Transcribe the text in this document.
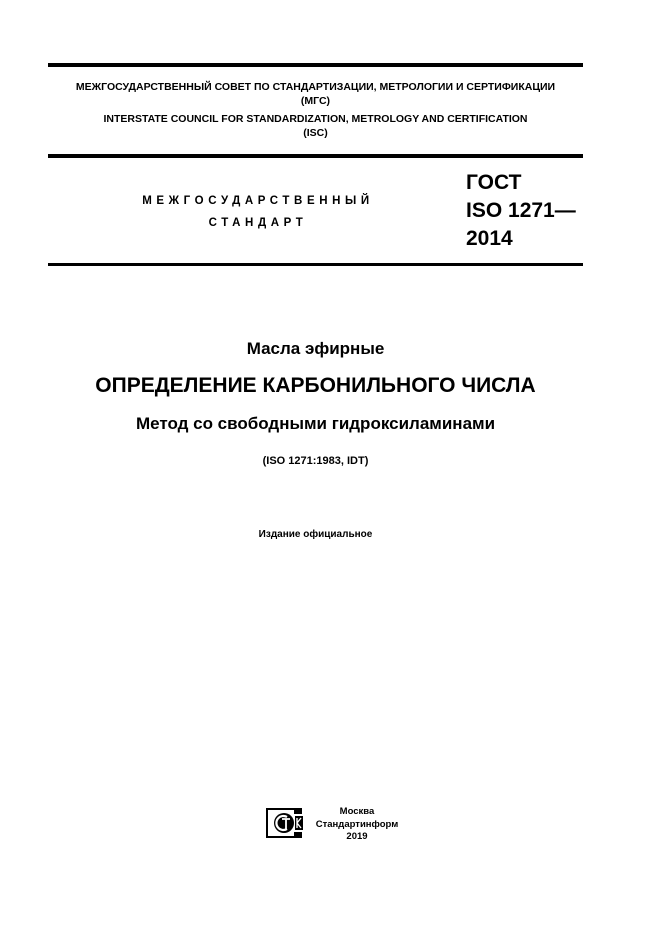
МЕЖГОСУДАРСТВЕННЫЙ СОВЕТ ПО СТАНДАРТИЗАЦИИ, МЕТРОЛОГИИ И СЕРТИФИКАЦИИ
(МГС)
INTERSTATE COUNCIL FOR STANDARDIZATION, METROLOGY AND CERTIFICATION
(ISC)
МЕЖГОСУДАРСТВЕННЫЙ
СТАНДАРТ
ГОСТ
ISO 1271—
2014
Масла эфирные
ОПРЕДЕЛЕНИЕ КАРБОНИЛЬНОГО ЧИСЛА
Метод со свободными гидроксиламинами
(ISO 1271:1983, IDT)
Издание официальное
Москва
Стандартинформ
2019
